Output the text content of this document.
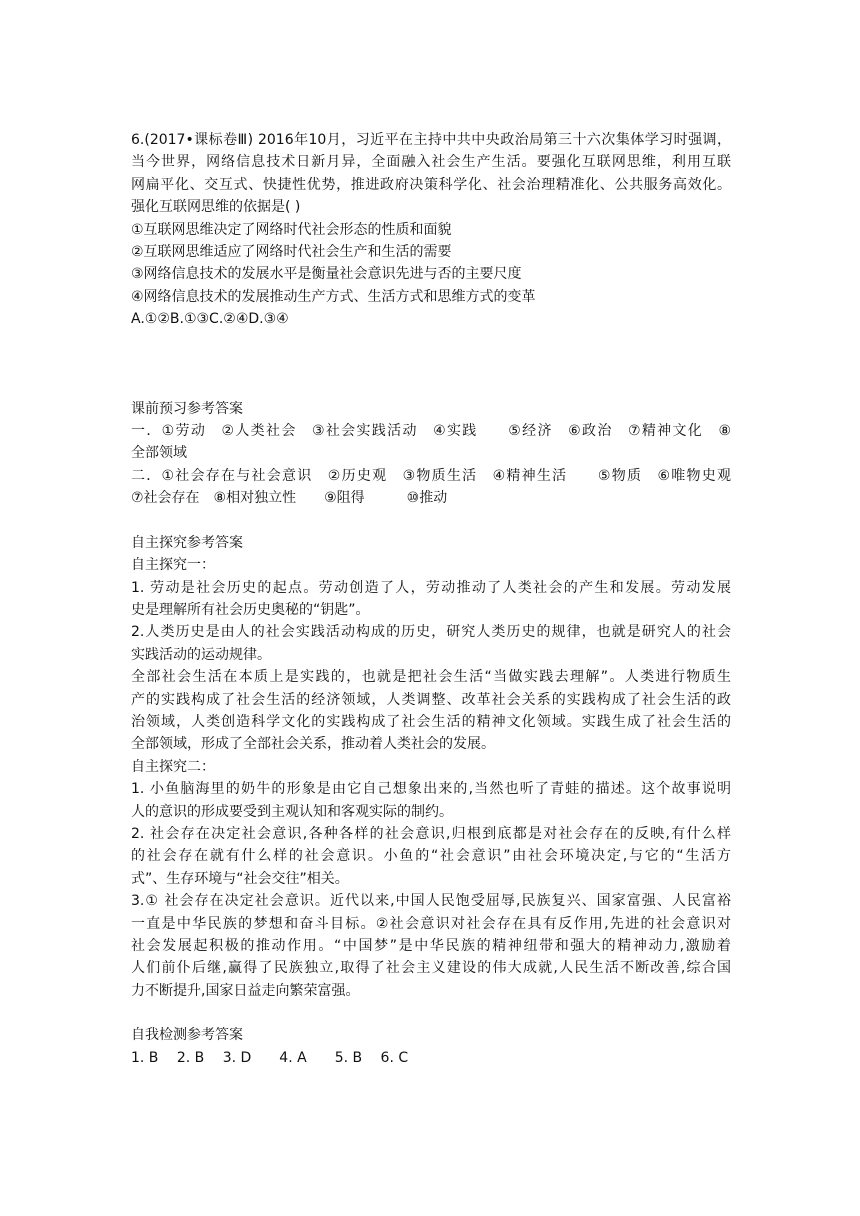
6.(2017•课标卷Ⅲ) 2016年10月，习近平在主持中共中央政治局第三十六次集体学习时强调，
当今世界，网络信息技术日新月异，全面融入社会生产生活。要强化互联网思维，利用互联
网扁平化、交互式、快捷性优势，推进政府决策科学化、社会治理精准化、公共服务高效化。
强化互联网思维的依据是( )
①互联网思维决定了网络时代社会形态的性质和面貌
②互联网思维适应了网络时代社会生产和生活的需要
③网络信息技术的发展水平是衡量社会意识先进与否的主要尺度
④网络信息技术的发展推动生产方式、生活方式和思维方式的变革
A.①②B.①③C.②④D.③④
课前预习参考答案
一．①劳动　②人类社会　③社会实践活动　④实践　　⑤经济　⑥政治　⑦精神文化　⑧
全部领域
二．①社会存在与社会意识　②历史观　③物质生活　④精神生活　　⑤物质　⑥唯物史观
⑦社会存在　⑧相对独立性　　⑨阻得　　　⑩推动
自主探究参考答案
自主探究一：
1. 劳动是社会历史的起点。劳动创造了人，劳动推动了人类社会的产生和发展。劳动发展
史是理解所有社会历史奥秘的“钥匙”。
2.人类历史是由人的社会实践活动构成的历史，研究人类历史的规律，也就是研究人的社会
实践活动的运动规律。
全部社会生活在本质上是实践的，也就是把社会生活“当做实践去理解”。人类进行物质生
产的实践构成了社会生活的经济领域，人类调整、改革社会关系的实践构成了社会生活的政
治领域，人类创造科学文化的实践构成了社会生活的精神文化领域。实践生成了社会生活的
全部领域，形成了全部社会关系，推动着人类社会的发展。
自主探究二：
1. 小鱼脑海里的奶牛的形象是由它自己想象出来的,当然也听了青蛙的描述。这个故事说明
人的意识的形成要受到主观认知和客观实际的制约。
2. 社会存在决定社会意识,各种各样的社会意识,归根到底都是对社会存在的反映,有什么样
的社会存在就有什么样的社会意识。小鱼的“社会意识”由社会环境决定,与它的“生活方
式”、生存环境与“社会交往”相关。
3.① 社会存在决定社会意识。近代以来,中国人民饱受屈辱,民族复兴、国家富强、人民富裕
一直是中华民族的梦想和奋斗目标。②社会意识对社会存在具有反作用,先进的社会意识对
社会发展起积极的推动作用。“中国梦”是中华民族的精神纽带和强大的精神动力,激励着
人们前仆后继,赢得了民族独立,取得了社会主义建设的伟大成就,人民生活不断改善,综合国
力不断提升,国家日益走向繁荣富强。
自我检测参考答案
1. B　 2. B　 3. D　　4. A　　5. B　 6. C
